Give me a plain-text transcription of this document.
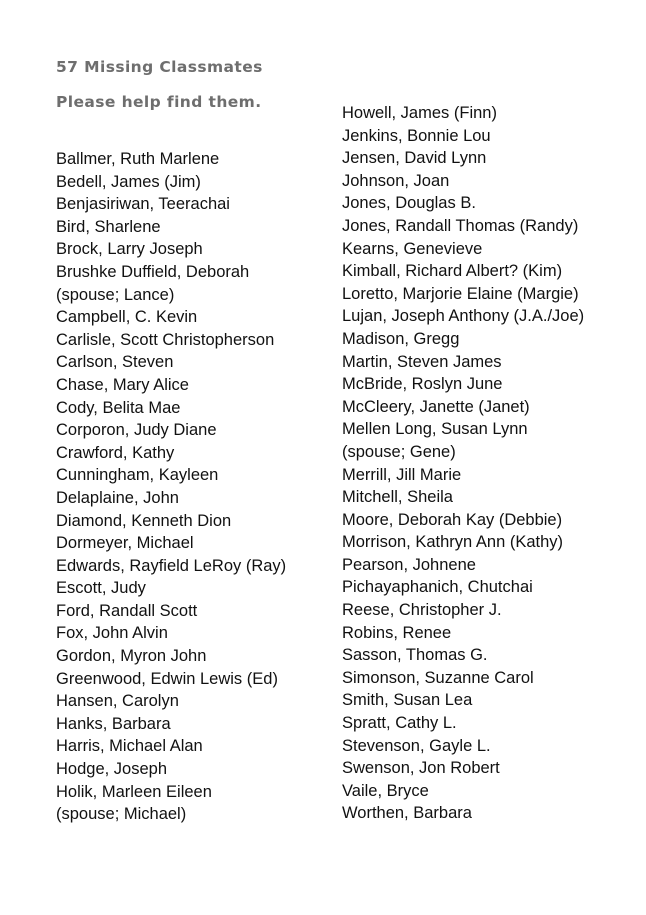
57 Missing Classmates
Please help find them.
Ballmer, Ruth Marlene
Bedell, James (Jim)
Benjasiriwan, Teerachai
Bird, Sharlene
Brock, Larry Joseph
Brushke Duffield, Deborah
(spouse; Lance)
Campbell, C. Kevin
Carlisle, Scott Christopherson
Carlson, Steven
Chase, Mary Alice
Cody, Belita Mae
Corporon, Judy Diane
Crawford, Kathy
Cunningham, Kayleen
Delaplaine, John
Diamond, Kenneth Dion
Dormeyer, Michael
Edwards, Rayfield LeRoy (Ray)
Escott, Judy
Ford, Randall Scott
Fox, John Alvin
Gordon, Myron John
Greenwood, Edwin Lewis (Ed)
Hansen, Carolyn
Hanks, Barbara
Harris, Michael Alan
Hodge, Joseph
Holik, Marleen Eileen
(spouse; Michael)
Howell, James (Finn)
Jenkins, Bonnie Lou
Jensen, David Lynn
Johnson, Joan
Jones, Douglas B.
Jones, Randall Thomas (Randy)
Kearns, Genevieve
Kimball, Richard Albert? (Kim)
Loretto, Marjorie Elaine (Margie)
Lujan, Joseph Anthony (J.A./Joe)
Madison, Gregg
Martin, Steven James
McBride, Roslyn June
McCleery, Janette (Janet)
Mellen Long, Susan Lynn
(spouse; Gene)
Merrill, Jill Marie
Mitchell, Sheila
Moore, Deborah Kay (Debbie)
Morrison, Kathryn Ann (Kathy)
Pearson, Johnene
Pichayaphanich, Chutchai
Reese, Christopher J.
Robins, Renee
Sasson, Thomas G.
Simonson, Suzanne Carol
Smith, Susan Lea
Spratt, Cathy L.
Stevenson, Gayle L.
Swenson, Jon Robert
Vaile, Bryce
Worthen, Barbara
